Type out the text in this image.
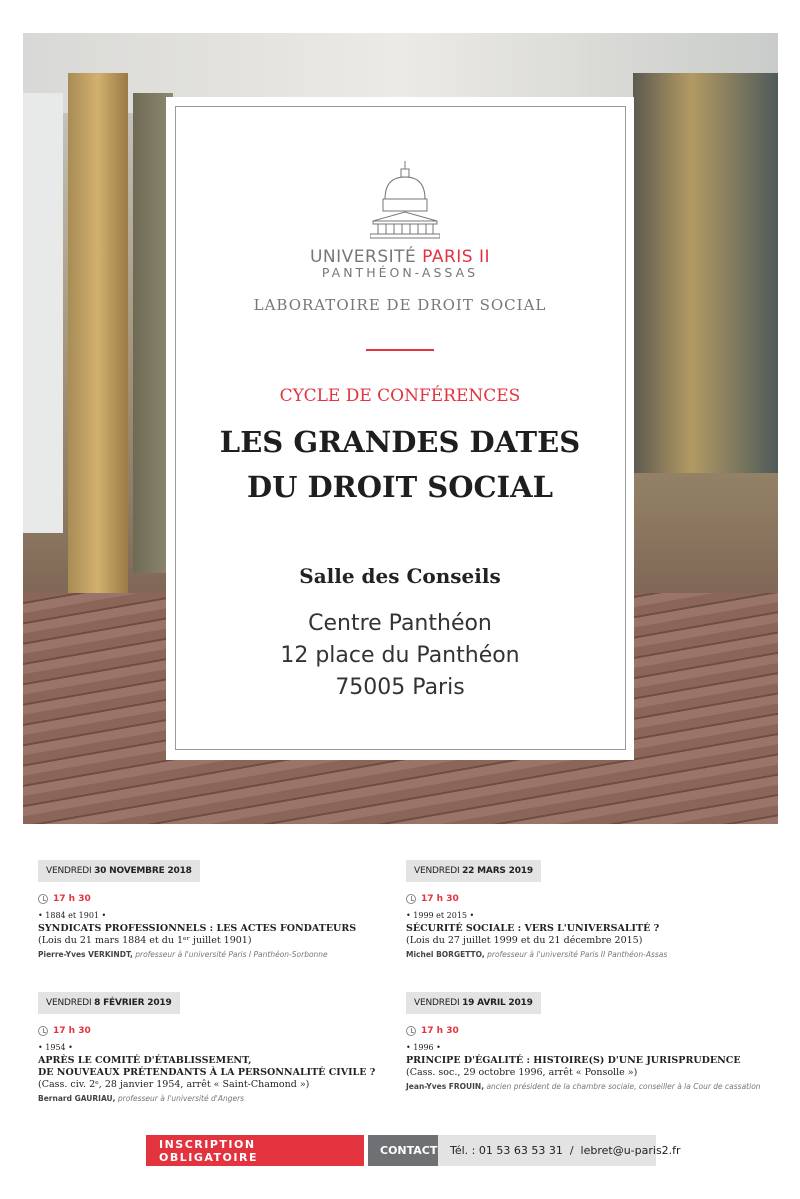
UNIVERSITÉ PARIS II
PANTHÉON-ASSAS
LABORATOIRE DE DROIT SOCIAL
CYCLE DE CONFÉRENCES
LES GRANDES DATES
DU DROIT SOCIAL
Salle des Conseils
Centre Panthéon
12 place du Panthéon
75005 Paris
VENDREDI 30 NOVEMBRE 2018
17 h 30
• 1884 et 1901 •
SYNDICATS PROFESSIONNELS : LES ACTES FONDATEURS
(Lois du 21 mars 1884 et du 1ᵉʳ juillet 1901)
Pierre-Yves VERKINDT, professeur à l'université Paris I Panthéon-Sorbonne
VENDREDI 22 MARS 2019
17 h 30
• 1999 et 2015 •
SÉCURITÉ SOCIALE : VERS L'UNIVERSALITÉ ?
(Lois du 27 juillet 1999 et du 21 décembre 2015)
Michel BORGETTO, professeur à l'université Paris II Panthéon-Assas
VENDREDI 8 FÉVRIER 2019
17 h 30
• 1954 •
APRÈS LE COMITÉ D'ÉTABLISSEMENT,
DE NOUVEAUX PRÉTENDANTS À LA PERSONNALITÉ CIVILE ?
(Cass. civ. 2ᵉ, 28 janvier 1954, arrêt « Saint-Chamond »)
Bernard GAURIAU, professeur à l'université d'Angers
VENDREDI 19 AVRIL 2019
17 h 30
• 1996 •
PRINCIPE D'ÉGALITÉ : HISTOIRE(S) D'UNE JURISPRUDENCE
(Cass. soc., 29 octobre 1996, arrêt « Ponsolle »)
Jean-Yves FROUIN, ancien président de la chambre sociale, conseiller à la Cour de cassation
INSCRIPTION OBLIGATOIRE	CONTACT	Tél. : 01 53 63 53 31  /  lebret@u-paris2.fr
